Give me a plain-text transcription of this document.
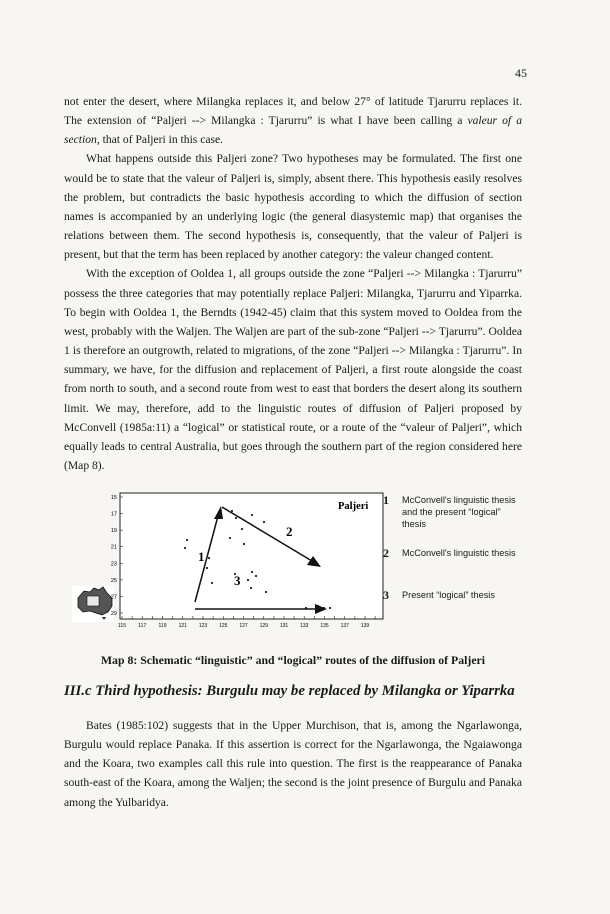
45

not enter the desert, where Milangka replaces it, and below 27° of latitude Tjarurru replaces it. The extension of “Paljeri --> Milangka : Tjarurru” is what I have been calling a valeur of a section, that of Paljeri in this case.

What happens outside this Paljeri zone? Two hypotheses may be formulated. The first one would be to state that the valeur of Paljeri is, simply, absent there. This hypothesis easily resolves the problem, but contradicts the basic hypothesis according to which the diffusion of section names is accompanied by an underlying logic (the general diasystemic map) that organises the relations between them. The second hypothesis is, consequently, that the valeur of Paljeri is present, but that the term has been replaced by another category: the valeur changed content.

With the exception of Ooldea 1, all groups outside the zone “Paljeri --> Milangka : Tjarurru” possess the three categories that may potentially replace Paljeri: Milangka, Tjarurru and Yiparrka. To begin with Ooldea 1, the Berndts (1942-45) claim that this system moved to Ooldea from the west, probably with the Waljen. The Waljen are part of the sub-zone “Paljeri --> Tjarurru”. Ooldea 1 is therefore an outgrowth, related to migrations, of the zone “Paljeri --> Milangka : Tjarurru”. In summary, we have, for the diffusion and replacement of Paljeri, a first route alongside the coast from north to south, and a second route from west to east that borders the desert along its southern limit. We may, therefore, add to the linguistic routes of diffusion of Paljeri proposed by McConvell (1985a:11) a “logical” or statistical route, or a route of the “valeur of Paljeri”, which equally leads to central Australia, but goes through the southern part of the region considered here (Map 8).

15
17
19
21
23
25
27
29
115 117 119 121 123 125 127 129 131 133 135 137 139
1
2
3
Paljeri 1 McConvell's linguistic thesis and the present “logical” thesis
2 McConvell's linguistic thesis
3 Present “logical” thesis
Map 8: Schematic “linguistic” and “logical” routes of the diffusion of Paljeri
III.c Third hypothesis: Burgulu may be replaced by Milangka or Yiparrka

Bates (1985:102) suggests that in the Upper Murchison, that is, among the Ngarlawonga, Burgulu would replace Panaka. If this assertion is correct for the Ngarlawonga, the Ngaiawonga and the Koara, two examples call this rule into question. The first is the reappearance of Panaka south-east of the Koara, among the Waljen; the second is the joint presence of Burgulu and Panaka among the Yulbaridya.
